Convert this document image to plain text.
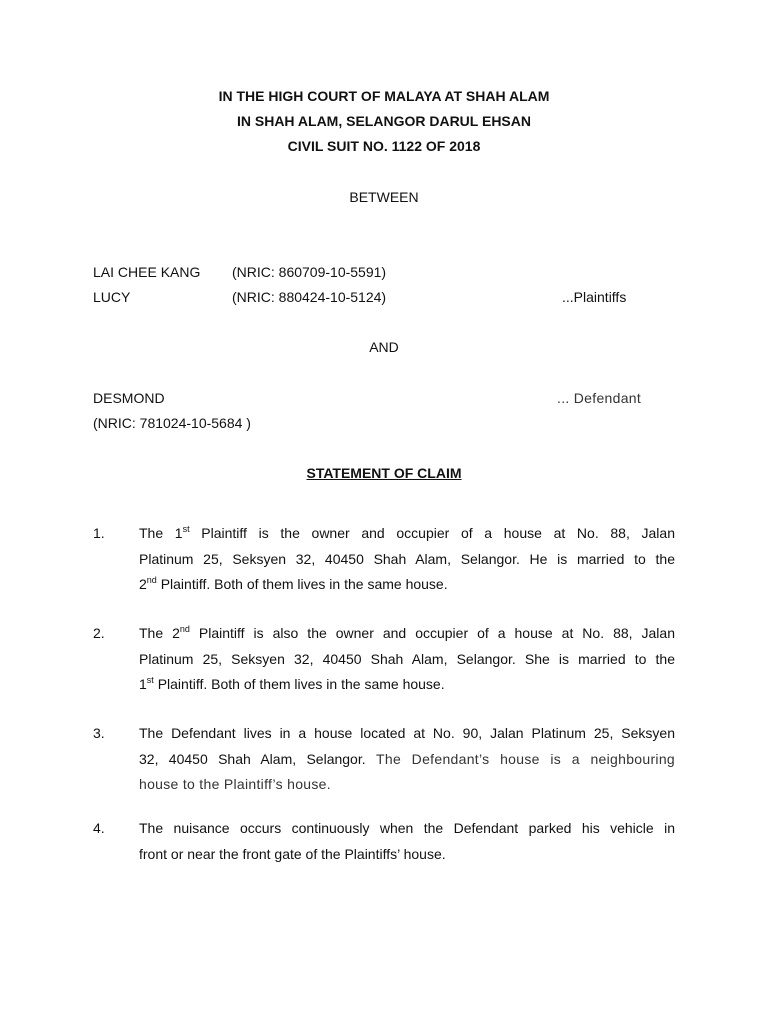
IN THE HIGH COURT OF MALAYA AT SHAH ALAM
IN SHAH ALAM, SELANGOR DARUL EHSAN
CIVIL SUIT NO. 1122 OF 2018
BETWEEN
LAI CHEE KANG (NRIC: 860709-10-5591)
LUCY	(NRIC: 880424-10-5124)	...Plaintiffs
AND
DESMOND	... Defendant
(NRIC: 781024-10-5684 )
STATEMENT OF CLAIM
1. The 1st Plaintiff is the owner and occupier of a house at No. 88, Jalan
Platinum 25, Seksyen 32, 40450 Shah Alam, Selangor. He is married to the
2nd Plaintiff. Both of them lives in the same house.
2. The 2nd Plaintiff is also the owner and occupier of a house at No. 88, Jalan
Platinum 25, Seksyen 32, 40450 Shah Alam, Selangor. She is married to the
1st Plaintiff. Both of them lives in the same house.
3. The Defendant lives in a house located at No. 90, Jalan Platinum 25, Seksyen
32, 40450 Shah Alam, Selangor. The Defendant’s house is a neighbouring
house to the Plaintiff’s house.
4. The nuisance occurs continuously when the Defendant parked his vehicle in
front or near the front gate of the Plaintiffs’ house.
